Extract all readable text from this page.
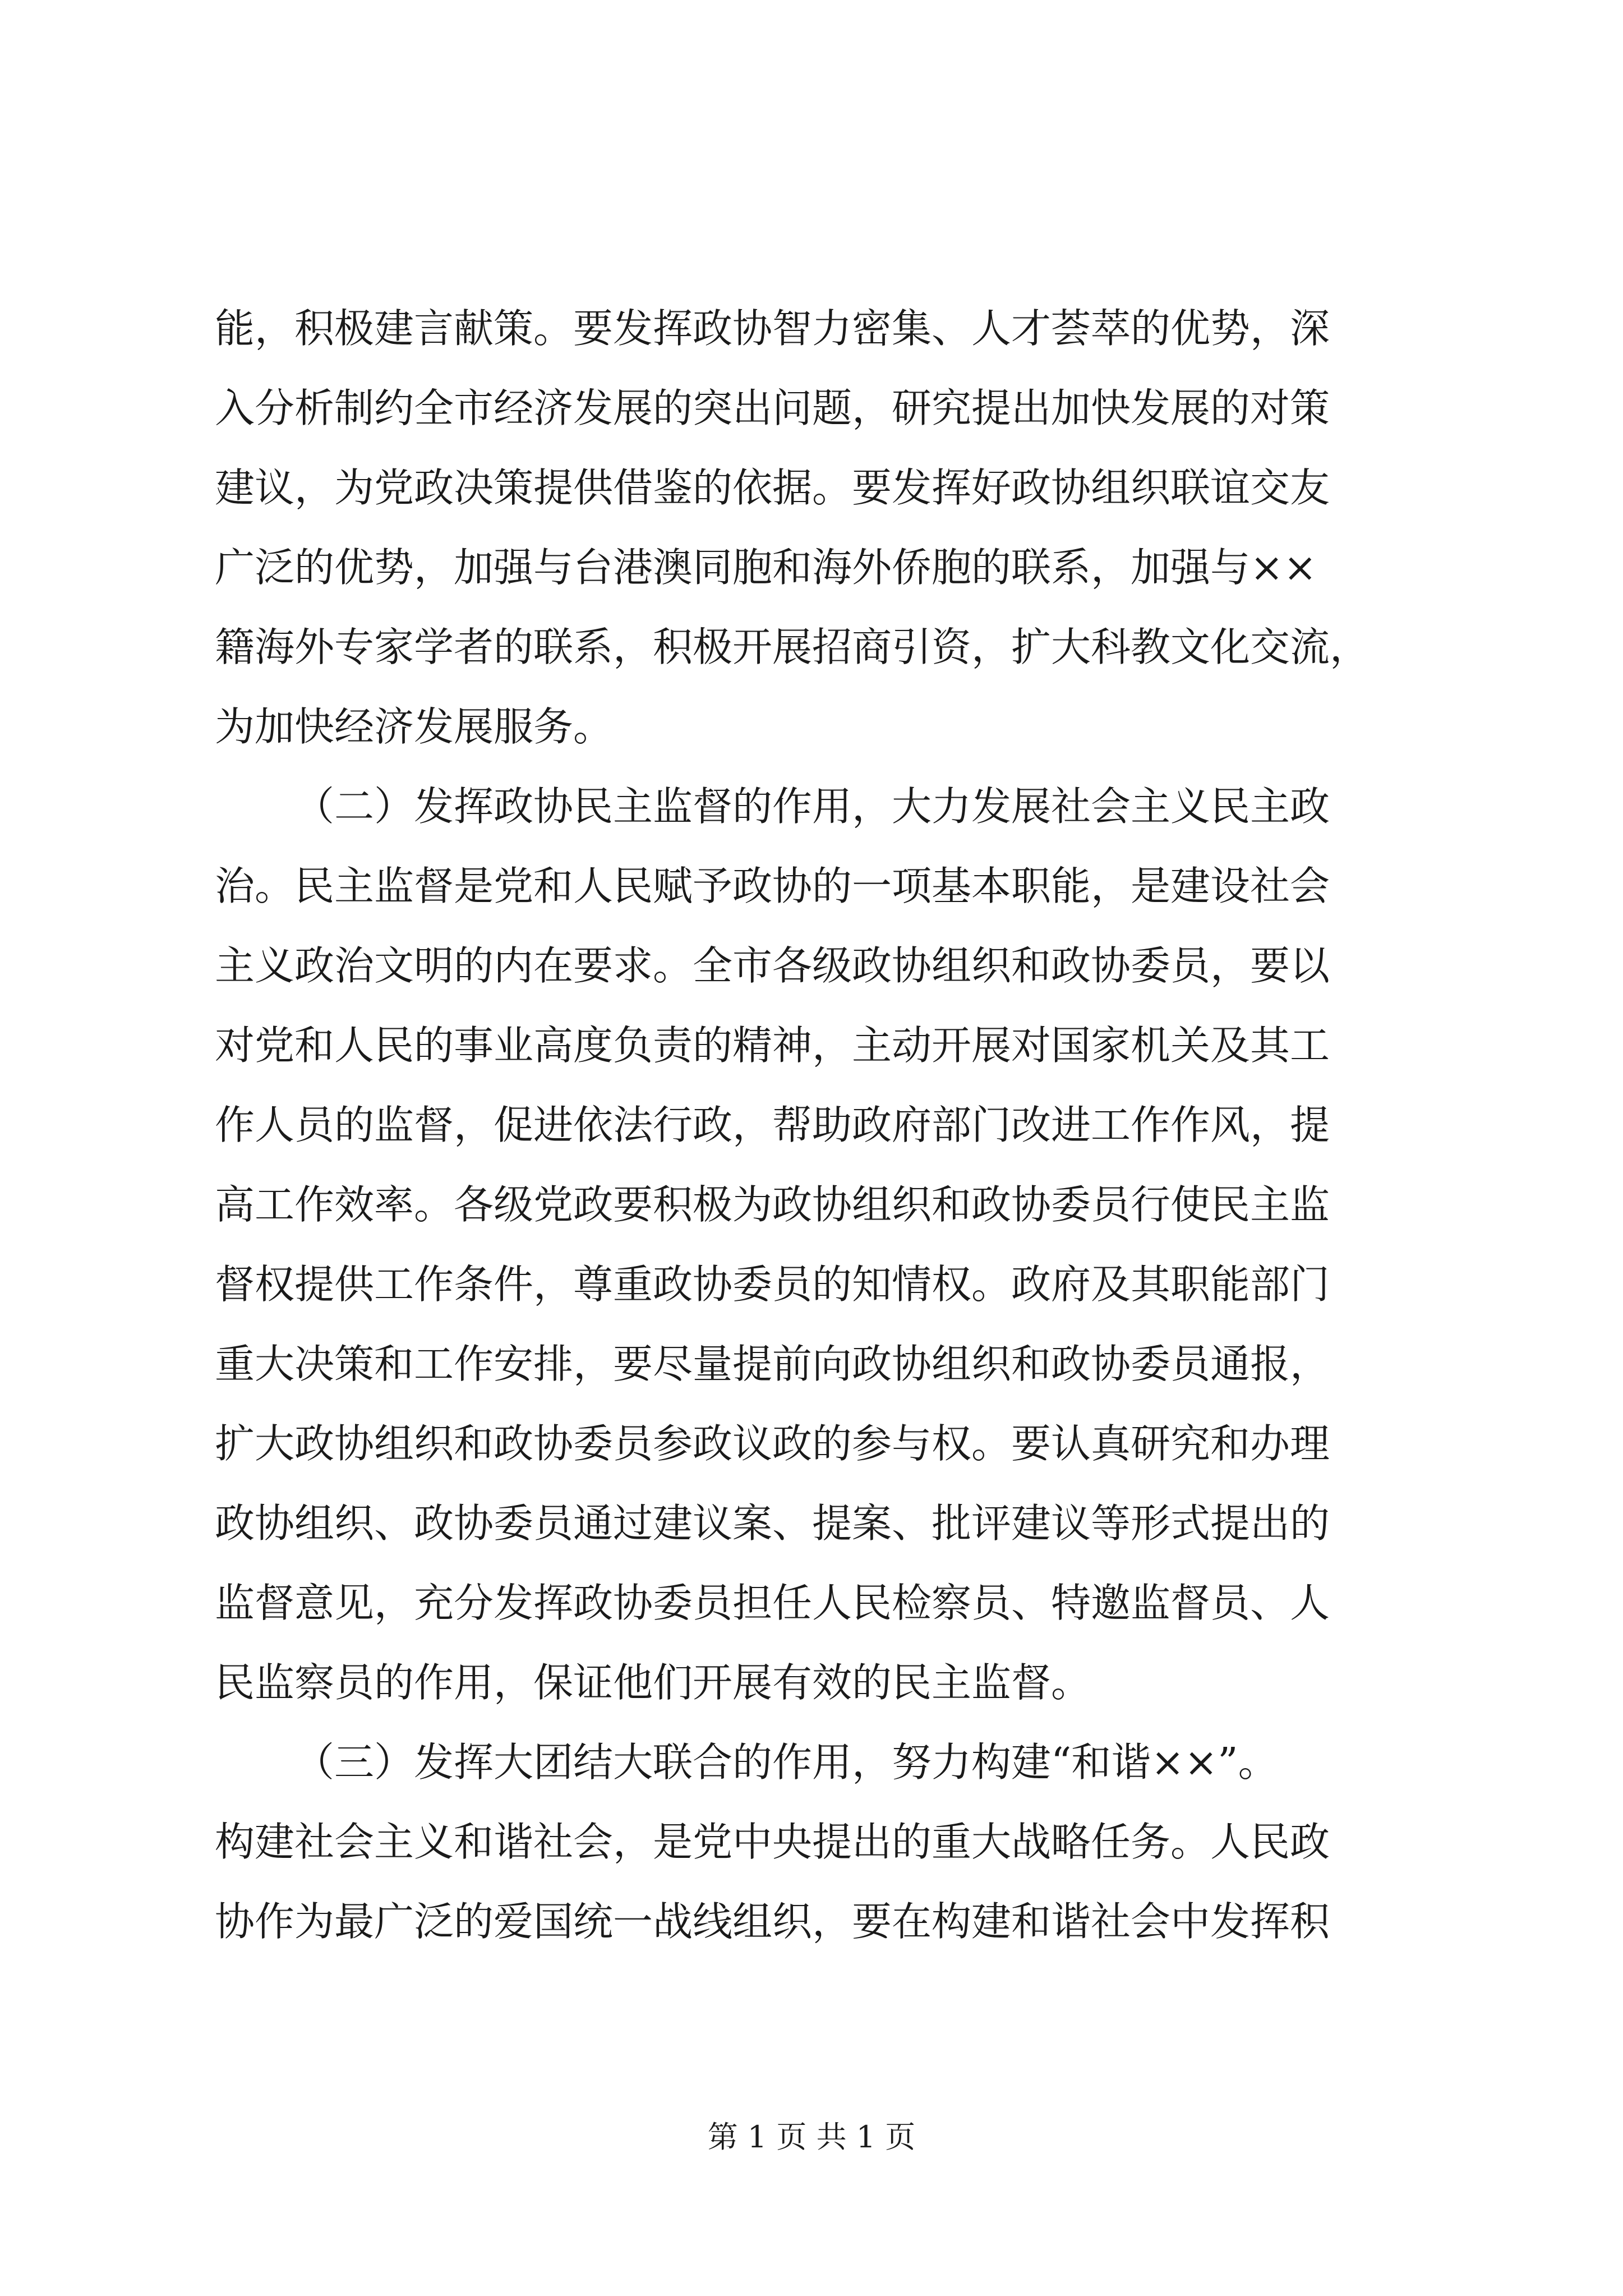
能，积极建言献策。要发挥政协智力密集、人才荟萃的优势，深
入分析制约全市经济发展的突出问题，研究提出加快发展的对策
建议，为党政决策提供借鉴的依据。要发挥好政协组织联谊交友
广泛的优势，加强与台港澳同胞和海外侨胞的联系，加强与××
籍海外专家学者的联系，积极开展招商引资，扩大科教文化交流，
为加快经济发展服务。
（二）发挥政协民主监督的作用，大力发展社会主义民主政
治。民主监督是党和人民赋予政协的一项基本职能，是建设社会
主义政治文明的内在要求。全市各级政协组织和政协委员，要以
对党和人民的事业高度负责的精神，主动开展对国家机关及其工
作人员的监督，促进依法行政，帮助政府部门改进工作作风，提
高工作效率。各级党政要积极为政协组织和政协委员行使民主监
督权提供工作条件，尊重政协委员的知情权。政府及其职能部门
重大决策和工作安排，要尽量提前向政协组织和政协委员通报，
扩大政协组织和政协委员参政议政的参与权。要认真研究和办理
政协组织、政协委员通过建议案、提案、批评建议等形式提出的
监督意见，充分发挥政协委员担任人民检察员、特邀监督员、人
民监察员的作用，保证他们开展有效的民主监督。
（三）发挥大团结大联合的作用，努力构建“和谐××”。
构建社会主义和谐社会，是党中央提出的重大战略任务。人民政
协作为最广泛的爱国统一战线组织，要在构建和谐社会中发挥积
第 1 页 共 1 页
